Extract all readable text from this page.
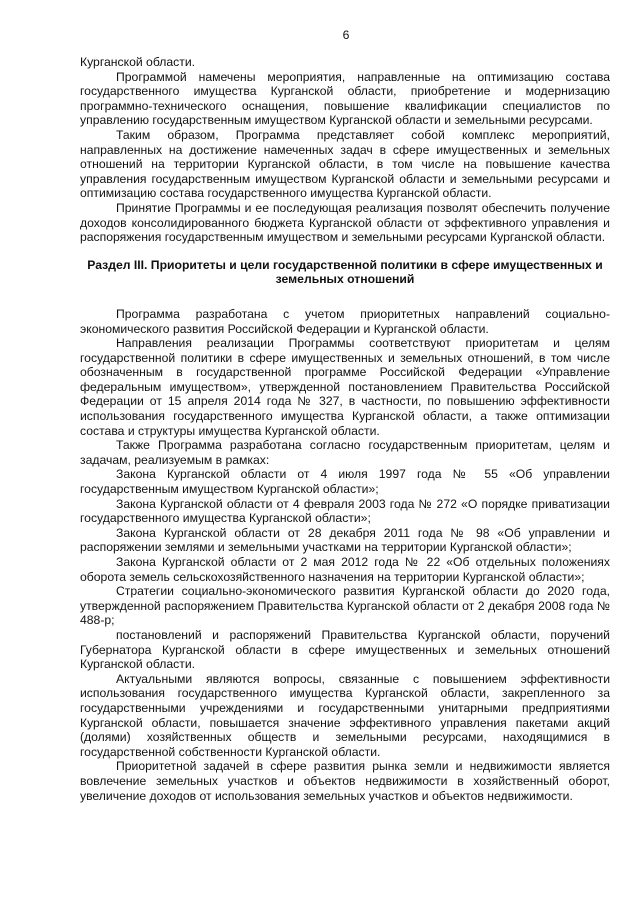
6

Курганской области.

Программой намечены мероприятия, направленные на оптимизацию состава государственного имущества Курганской области, приобретение и модернизацию программно-технического оснащения, повышение квалификации специалистов по управлению государственным имуществом Курганской области и земельными ресурсами.

Таким образом, Программа представляет собой комплекс мероприятий, направленных на достижение намеченных задач в сфере имущественных и земельных отношений на территории Курганской области, в том числе на повышение качества управления государственным имуществом Курганской области и земельными ресурсами и оптимизацию состава государственного имущества Курганской области.

Принятие Программы и ее последующая реализация позволят обеспечить получение доходов консолидированного бюджета Курганской области от эффективного управления и распоряжения государственным имуществом и земельными ресурсами Курганской области.

Раздел III. Приоритеты и цели государственной политики в сфере имущественных и земельных отношений

Программа разработана с учетом приоритетных направлений социально-экономического развития Российской Федерации и Курганской области.

Направления реализации Программы соответствуют приоритетам и целям государственной политики в сфере имущественных и земельных отношений, в том числе обозначенным в государственной программе Российской Федерации «Управление федеральным имуществом», утвержденной постановлением Правительства Российской Федерации от 15 апреля 2014 года № 327, в частности, по повышению эффективности использования государственного имущества Курганской области, а также оптимизации состава и структуры имущества Курганской области.

Также Программа разработана согласно государственным приоритетам, целям и задачам, реализуемым в рамках:

Закона Курганской области от 4 июля 1997 года № 55 «Об управлении государственным имуществом Курганской области»;

Закона Курганской области от 4 февраля 2003 года № 272 «О порядке приватизации государственного имущества Курганской области»;

Закона Курганской области от 28 декабря 2011 года № 98 «Об управлении и распоряжении землями и земельными участками на территории Курганской области»;

Закона Курганской области от 2 мая 2012 года № 22 «Об отдельных положениях оборота земель сельскохозяйственного назначения на территории Курганской области»;

Стратегии социально-экономического развития Курганской области до 2020 года, утвержденной распоряжением Правительства Курганской области от 2 декабря 2008 года № 488-р;

постановлений и распоряжений Правительства Курганской области, поручений Губернатора Курганской области в сфере имущественных и земельных отношений Курганской области.

Актуальными являются вопросы, связанные с повышением эффективности использования государственного имущества Курганской области, закрепленного за государственными учреждениями и государственными унитарными предприятиями Курганской области, повышается значение эффективного управления пакетами акций (долями) хозяйственных обществ и земельными ресурсами, находящимися в государственной собственности Курганской области.

Приоритетной задачей в сфере развития рынка земли и недвижимости является вовлечение земельных участков и объектов недвижимости в хозяйственный оборот, увеличение доходов от использования земельных участков и объектов недвижимости.
